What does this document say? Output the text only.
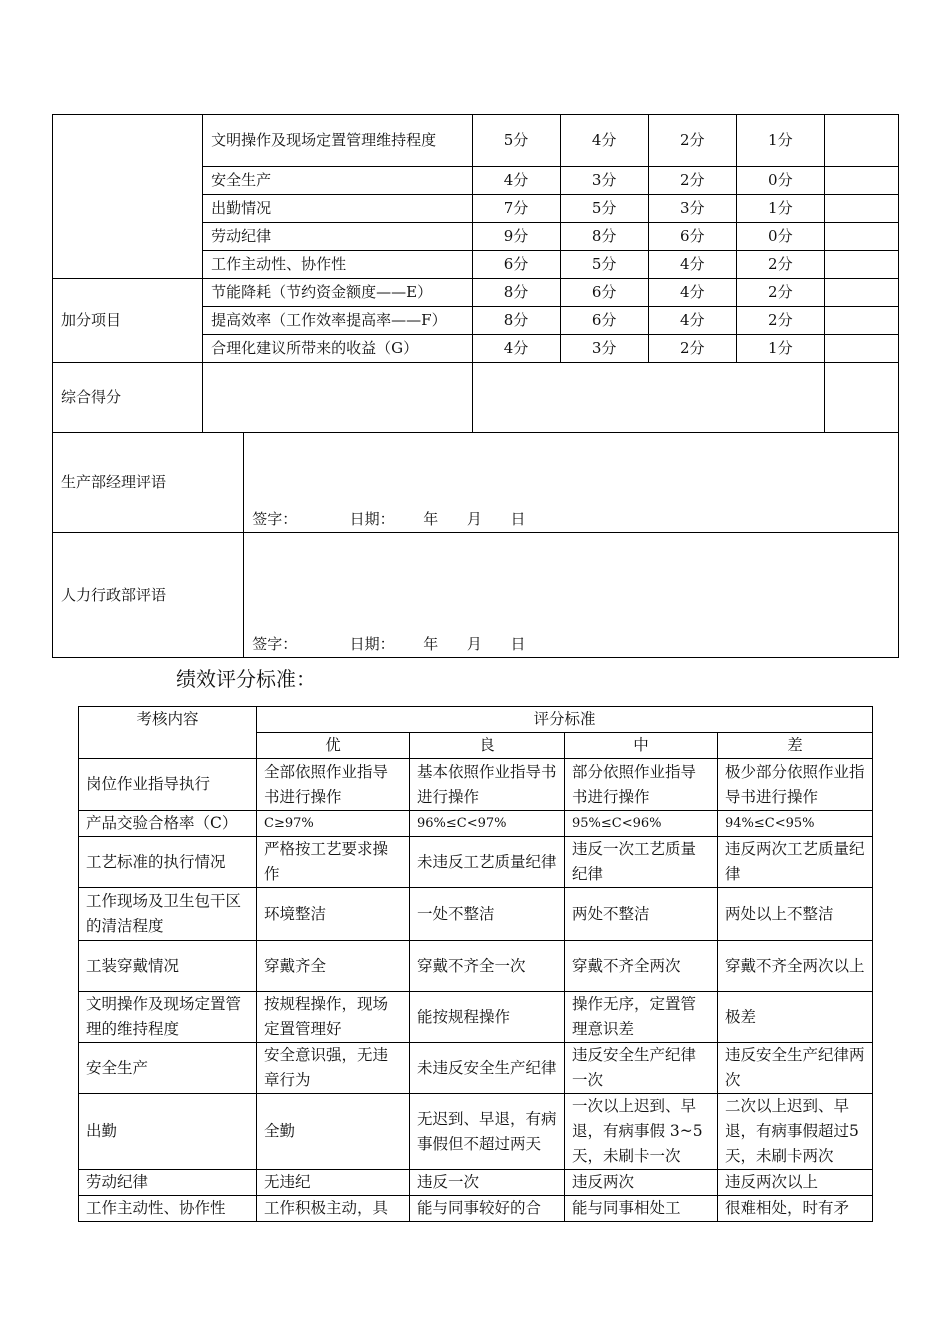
	文明操作及现场定置管理维持程度		5分	4分	2分	1分	
	安全生产		4分	3分	2分	0分	
	出勤情况		7分	5分	3分	1分	
	劳动纪律		9分	8分	6分	0分	
	工作主动性、协作性		6分	5分	4分	2分	
加分项目	节能降耗（节约资金额度——E）		8分	6分	4分	2分	
	提高效率（工作效率提高率——F）		8分	6分	4分	2分	
	合理化建议所带来的收益（G）		4分	3分	2分	1分	
综合得分							
生产部经理评语		签字：           日期：      年      月      日					

人力行政部评语		签字：           日期：      年      月      日					
绩效评分标准：
考核内容	评分标准			
	优	良	中	差
岗位作业指导执行	全部依照作业指导书进行操作	基本依照作业指导书进行操作	部分依照作业指导书进行操作	极少部分依照作业指导书进行操作
产品交验合格率（C）	C≥97%	96%≤C<97%	95%≤C<96%	94%≤C<95%
工艺标准的执行情况	严格按工艺要求操作	未违反工艺质量纪律	违反一次工艺质量纪律	违反两次工艺质量纪律
工作现场及卫生包干区的清洁程度	环境整洁	一处不整洁	两处不整洁	两处以上不整洁
工装穿戴情况	穿戴齐全	穿戴不齐全一次	穿戴不齐全两次	穿戴不齐全两次以上
文明操作及现场定置管理的维持程度	按规程操作，现场定置管理好	能按规程操作	操作无序，定置管理意识差	极差
安全生产	安全意识强，无违章行为	未违反安全生产纪律	违反安全生产纪律一次	违反安全生产纪律两次
出勤	全勤	无迟到、早退，有病事假但不超过两天	一次以上迟到、早退，有病事假 3~5天，未刷卡一次	二次以上迟到、早退，有病事假超过5天，未刷卡两次
劳动纪律	无违纪	违反一次	违反两次	违反两次以上
工作主动性、协作性	工作积极主动，具	能与同事较好的合	能与同事相处工	很难相处，时有矛
